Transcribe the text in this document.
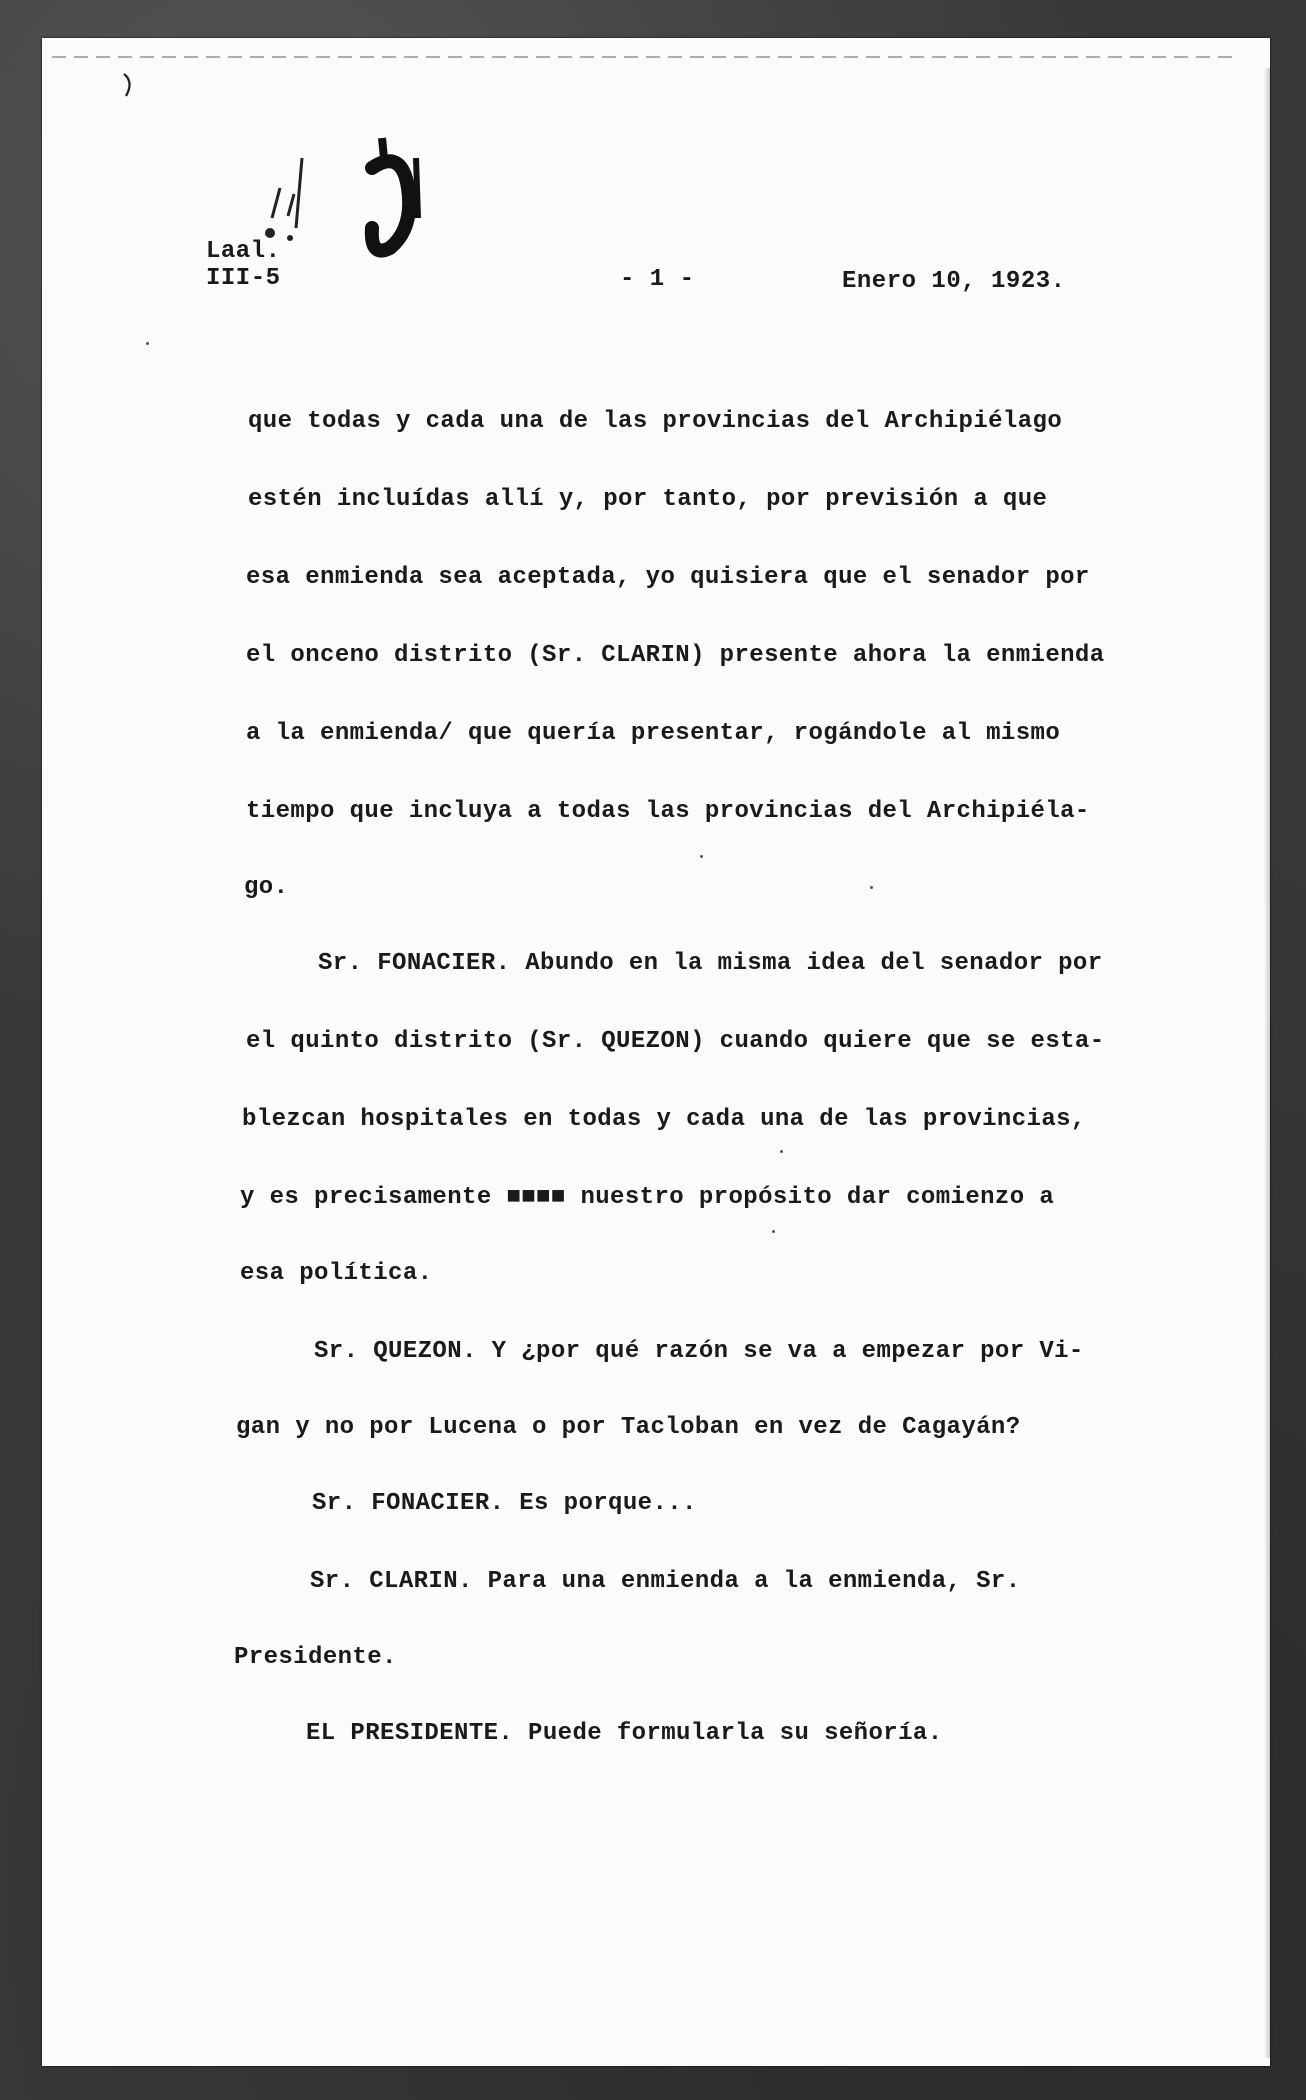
Laal.
III-5	- 1 -	Enero 10, 1923.
que todas y cada una de las provincias del Archipiélago
estén incluídas allí y, por tanto, por previsión a que
esa enmienda sea aceptada, yo quisiera que el senador por
el onceno distrito (Sr. CLARIN) presente ahora la enmienda
a la enmienda/ que quería presentar, rogándole al mismo
tiempo que incluya a todas las provincias del Archipiéla-
go.
Sr. FONACIER. Abundo en la misma idea del senador por
el quinto distrito (Sr. QUEZON) cuando quiere que se esta-
blezcan hospitales en todas y cada una de las provincias,
y es precisamente ■■■■ nuestro propósito dar comienzo a
esa política.
Sr. QUEZON. Y ¿por qué razón se va a empezar por Vi-
gan y no por Lucena o por Tacloban en vez de Cagayán?
Sr. FONACIER. Es porque...
Sr. CLARIN. Para una enmienda a la enmienda, Sr.
Presidente.
EL PRESIDENTE. Puede formularla su señoría.
